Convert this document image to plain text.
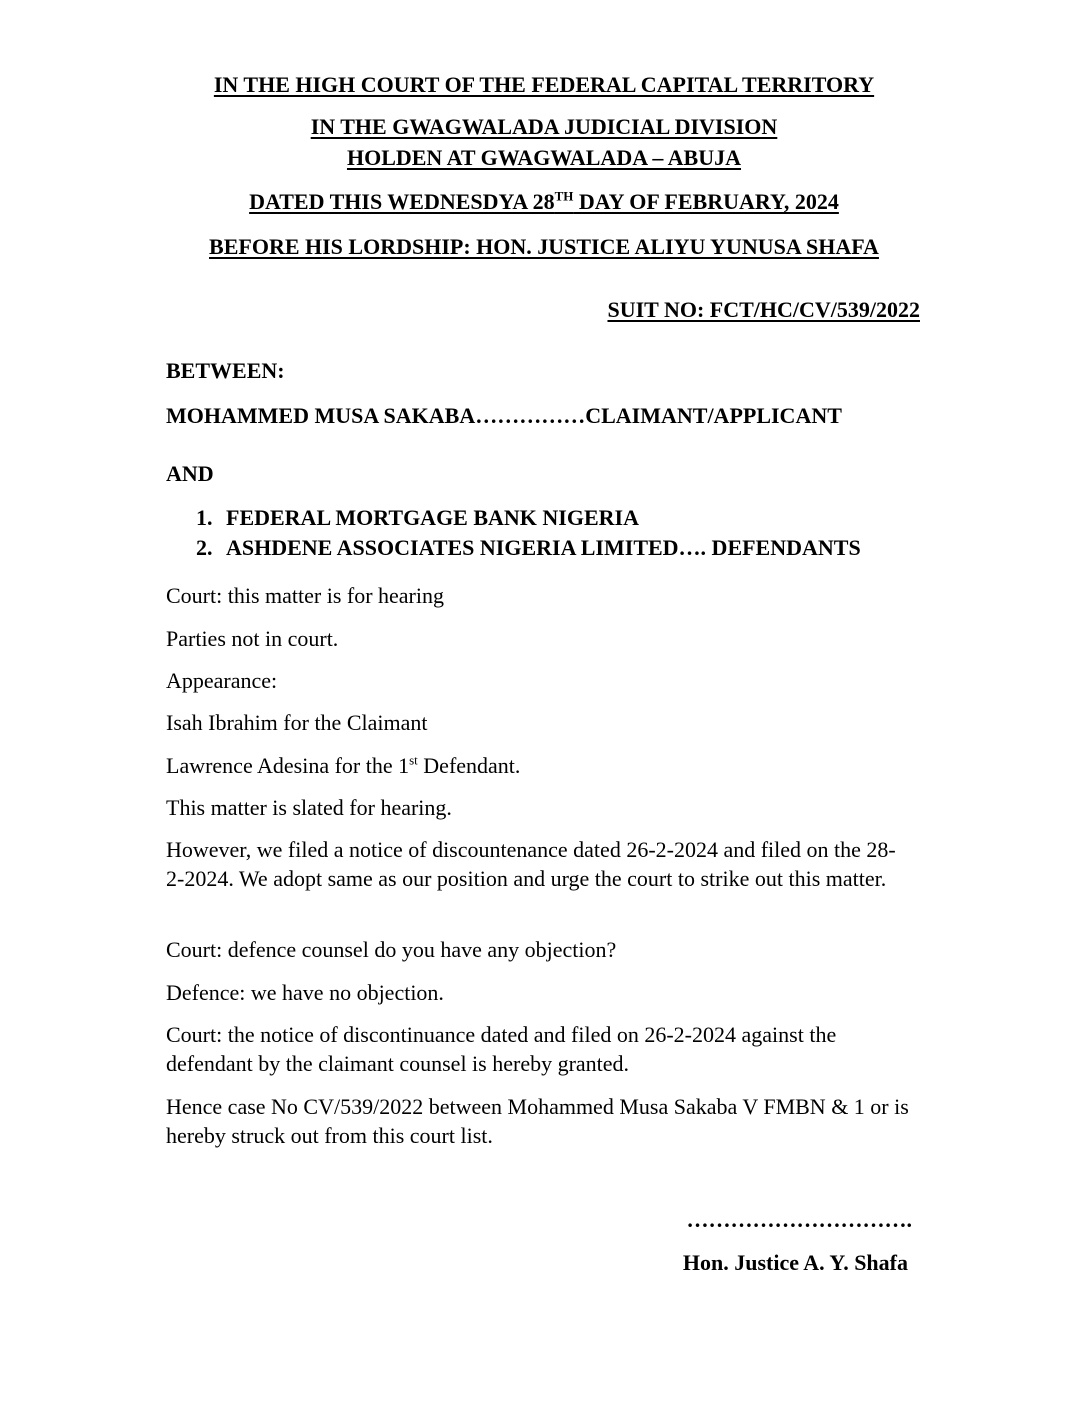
IN THE HIGH COURT OF THE FEDERAL CAPITAL TERRITORY

IN THE GWAGWALADA JUDICIAL DIVISION

HOLDEN AT GWAGWALADA – ABUJA

DATED THIS WEDNESDYA 28TH DAY OF FEBRUARY, 2024

BEFORE HIS LORDSHIP: HON. JUSTICE ALIYU YUNUSA SHAFA

SUIT NO: FCT/HC/CV/539/2022

BETWEEN:

MOHAMMED MUSA SAKABA……………CLAIMANT/APPLICANT

AND

1. FEDERAL MORTGAGE BANK NIGERIA

2. ASHDENE ASSOCIATES NIGERIA LIMITED…. DEFENDANTS

Court: this matter is for hearing

Parties not in court.

Appearance:

Isah Ibrahim for the Claimant

Lawrence Adesina for the 1st Defendant.

This matter is slated for hearing.

However, we filed a notice of discountenance dated 26-2-2024 and filed on the 28-2-2024. We adopt same as our position and urge the court to strike out this matter.

Court: defence counsel do you have any objection?

Defence: we have no objection.

Court: the notice of discontinuance dated and filed on 26-2-2024 against the defendant by the claimant counsel is hereby granted.

Hence case No CV/539/2022 between Mohammed Musa Sakaba V FMBN & 1 or is hereby struck out from this court list.

………………………….

Hon. Justice A. Y. Shafa
